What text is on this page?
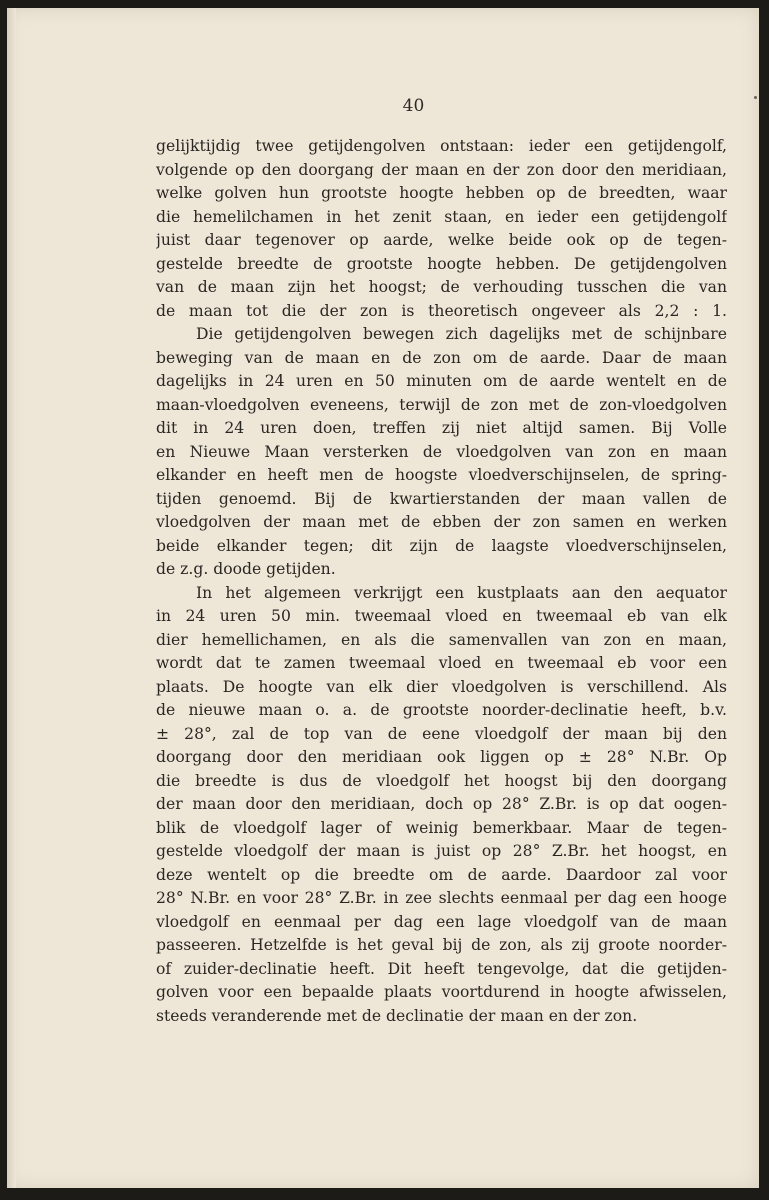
40
gelijktijdig twee getijdengolven ontstaan: ieder een getijdengolf,
volgende op den doorgang der maan en der zon door den meridiaan,
welke golven hun grootste hoogte hebben op de breedten, waar
die hemelilchamen in het zenit staan, en ieder een getijdengolf
juist daar tegenover op aarde, welke beide ook op de tegen-
gestelde breedte de grootste hoogte hebben. De getijdengolven
van de maan zijn het hoogst; de verhouding tusschen die van
de maan tot die der zon is theoretisch ongeveer als 2,2 : 1.
Die getijdengolven bewegen zich dagelijks met de schijnbare
beweging van de maan en de zon om de aarde. Daar de maan
dagelijks in 24 uren en 50 minuten om de aarde wentelt en de
maan-vloedgolven eveneens, terwijl de zon met de zon-vloedgolven
dit in 24 uren doen, treffen zij niet altijd samen. Bij Volle
en Nieuwe Maan versterken de vloedgolven van zon en maan
elkander en heeft men de hoogste vloedverschijnselen, de spring-
tijden genoemd. Bij de kwartierstanden der maan vallen de
vloedgolven der maan met de ebben der zon samen en werken
beide elkander tegen; dit zijn de laagste vloedverschijnselen,
de z.g. doode getijden.
In het algemeen verkrijgt een kustplaats aan den aequator
in 24 uren 50 min. tweemaal vloed en tweemaal eb van elk
dier hemellichamen, en als die samenvallen van zon en maan,
wordt dat te zamen tweemaal vloed en tweemaal eb voor een
plaats. De hoogte van elk dier vloedgolven is verschillend. Als
de nieuwe maan o. a. de grootste noorder-declinatie heeft, b.v.
± 28°, zal de top van de eene vloedgolf der maan bij den
doorgang door den meridiaan ook liggen op ± 28° N.Br. Op
die breedte is dus de vloedgolf het hoogst bij den doorgang
der maan door den meridiaan, doch op 28° Z.Br. is op dat oogen-
blik de vloedgolf lager of weinig bemerkbaar. Maar de tegen-
gestelde vloedgolf der maan is juist op 28° Z.Br. het hoogst, en
deze wentelt op die breedte om de aarde. Daardoor zal voor
28° N.Br. en voor 28° Z.Br. in zee slechts eenmaal per dag een hooge
vloedgolf en eenmaal per dag een lage vloedgolf van de maan
passeeren. Hetzelfde is het geval bij de zon, als zij groote noorder-
of zuider-declinatie heeft. Dit heeft tengevolge, dat die getijden-
golven voor een bepaalde plaats voortdurend in hoogte afwisselen,
steeds veranderende met de declinatie der maan en der zon.
